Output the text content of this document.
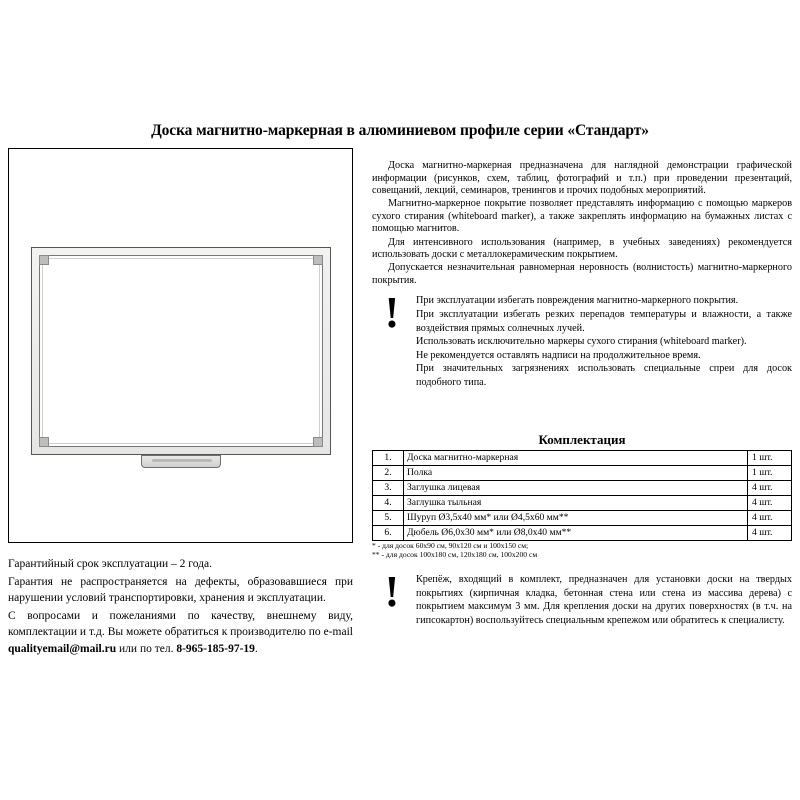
Доска магнитно-маркерная в алюминиевом профиле серии «Стандарт»

Гарантийный срок эксплуатации – 2 года.

Гарантия не распространяется на дефекты, образовавшиеся при нарушении условий транспортировки, хранения и эксплуатации.

С вопросами и пожеланиями по качеству, внешнему виду, комплектации и т.д. Вы можете обратиться к производителю по e-mail qualityemail@mail.ru или по тел. 8-965-185-97-19.

Доска магнитно-маркерная предназначена для наглядной демонстрации графической информации (рисунков, схем, таблиц, фотографий и т.п.) при проведении презентаций, совещаний, лекций, семинаров, тренингов и прочих подобных мероприятий.

Магнитно-маркерное покрытие позволяет представлять информацию с помощью маркеров сухого стирания (whiteboard marker), а также закреплять информацию на бумажных листах с помощью магнитов.

Для интенсивного использования (например, в учебных заведениях) рекомендуется использовать доски с металлокерамическим покрытием.

Допускается незначительная равномерная неровность (волнистость) магнитно-маркерного покрытия.

!	При эксплуатации избегать повреждения магнитно-маркерного покрытия.

При эксплуатации избегать резких перепадов температуры и влажности, а также воздействия прямых солнечных лучей.

Использовать исключительно маркеры сухого стирания (whiteboard marker).

Не рекомендуется оставлять надписи на продолжительное время.

При значительных загрязнениях использовать специальные спреи для досок подобного типа.

Комплектация
1.	Доска магнитно-маркерная	1 шт.
2.	Полка	1 шт.
3.	Заглушка лицевая	4 шт.
4.	Заглушка тыльная	4 шт.
5.	Шуруп Ø3,5х40 мм* или Ø4,5х60 мм**	4 шт.
6.	Дюбель Ø6,0х30 мм* или Ø8,0х40 мм**	4 шт.
* - для досок 60х90 см, 90х120 см и 100х150 см;
** - для досок 100х180 см, 120х180 см, 100х200 см
!	Крепёж, входящий в комплект, предназначен для установки доски на твердых покрытиях (кирпичная кладка, бетонная стена или стена из массива дерева) с покрытием максимум 3 мм. Для крепления доски на других поверхностях (в т.ч. на гипсокартон) воспользуйтесь специальным крепежом или обратитесь к специалисту.
